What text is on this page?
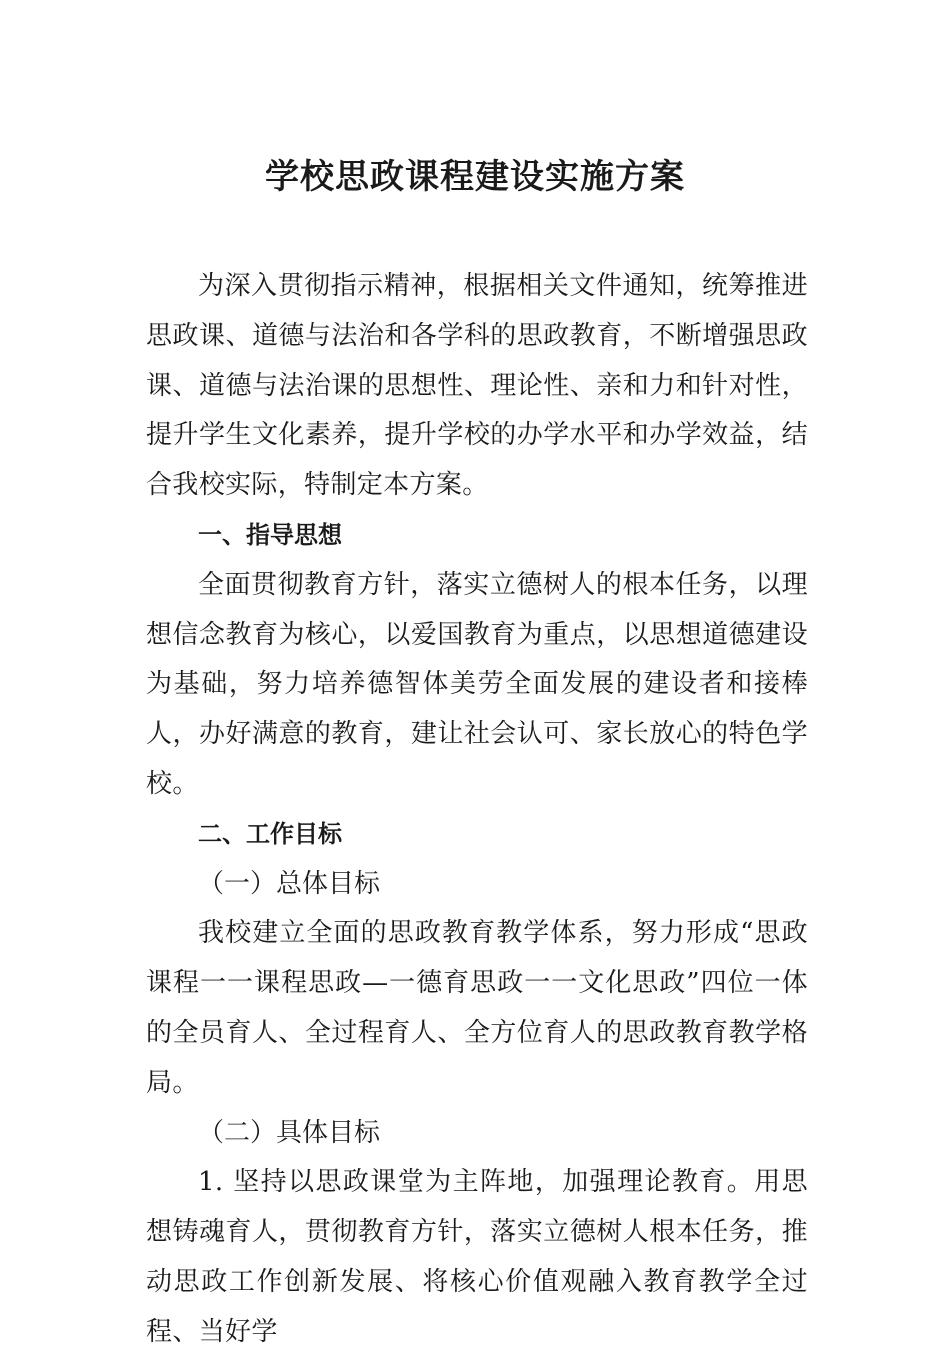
学校思政课程建设实施方案

为深入贯彻指示精神，根据相关文件通知，统筹推进思政课、道德与法治和各学科的思政教育，不断增强思政课、道德与法治课的思想性、理论性、亲和力和针对性，提升学生文化素养，提升学校的办学水平和办学效益，结合我校实际，特制定本方案。

一、指导思想

全面贯彻教育方针，落实立德树人的根本任务，以理想信念教育为核心，以爱国教育为重点，以思想道德建设为基础，努力培养德智体美劳全面发展的建设者和接棒人，办好满意的教育，建让社会认可、家长放心的特色学校。

二、工作目标

（一）总体目标

我校建立全面的思政教育教学体系，努力形成“思政课程一一课程思政—一德育思政一一文化思政”四位一体的全员育人、全过程育人、全方位育人的思政教育教学格局。

（二）具体目标

1. 坚持以思政课堂为主阵地，加强理论教育。用思想铸魂育人，贯彻教育方针，落实立德树人根本任务，推动思政工作创新发展、将核心价值观融入教育教学全过程、当好学
